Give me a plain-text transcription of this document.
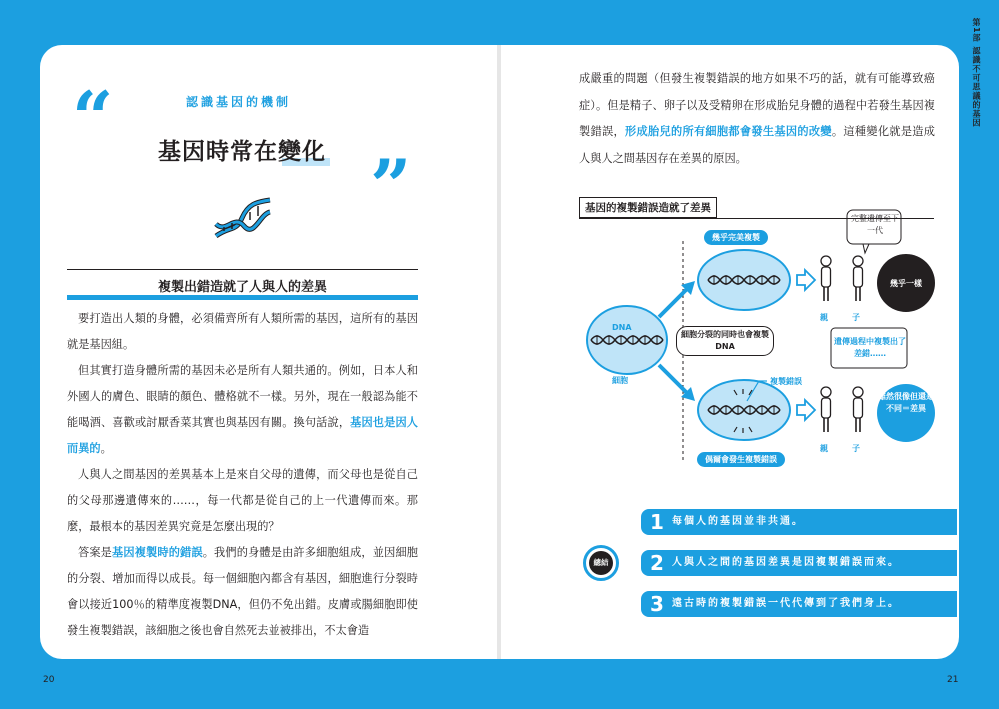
第1部 認識不可思議的基因
20	21
“
”
認識基因的機制
基因時常在變化
複製出錯造就了人與人的差異

要打造出人類的身體，必須備齊所有人類所需的基因，這所有的基因就是基因組。

但其實打造身體所需的基因未必是所有人類共通的。例如，日本人和外國人的膚色、眼睛的顏色、體格就不一樣。另外，現在一般認為能不能喝酒、喜歡或討厭香菜其實也與基因有關。換句話說，基因也是因人而異的。

人與人之間基因的差異基本上是來自父母的遺傳，而父母也是從自己的父母那邊遺傳來的……，每一代都是從自己的上一代遺傳而來。那麼，最根本的基因差異究竟是怎麼出現的？

答案是基因複製時的錯誤。我們的身體是由許多細胞組成，並因細胞的分裂、增加而得以成長。每一個細胞內都含有基因，細胞進行分裂時會以接近100％的精準度複製DNA，但仍不免出錯。皮膚或腸細胞即使發生複製錯誤，該細胞之後也會自然死去並被排出，不太會造

成嚴重的問題（但發生複製錯誤的地方如果不巧的話，就有可能導致癌症）。但是精子、卵子以及受精卵在形成胎兒身體的過程中若發生基因複製錯誤，形成胎兒的所有細胞都會發生基因的改變。這種變化就是造成人與人之間基因存在差異的原因。

基因的複製錯誤造就了差異
DNA
細胞
細胞分裂的同時也會複製DNA
幾乎完美複製
偶爾會發生複製錯誤
複製錯誤
完整遺傳至下一代
幾乎一樣
遺傳過程中複製出了差錯……
雖然很像但還是不同＝差異
親	子
親	子
總結
1 每個人的基因並非共通。
2 人與人之間的基因差異是因複製錯誤而來。
3 遠古時的複製錯誤一代代傳到了我們身上。
